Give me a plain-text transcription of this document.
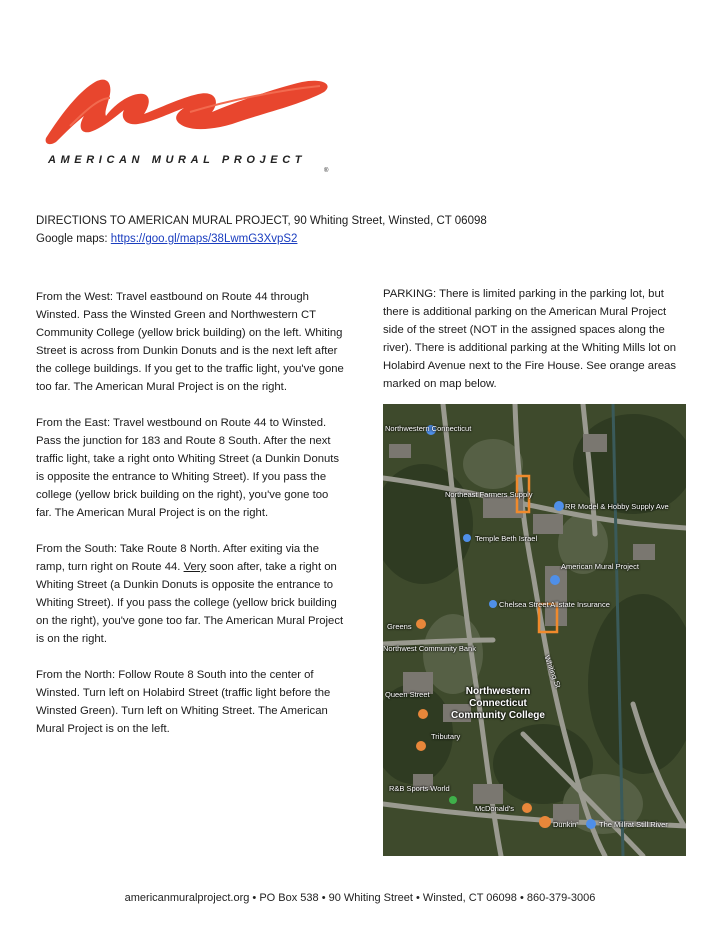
AMERICAN MURAL PROJECT
®
DIRECTIONS TO AMERICAN MURAL PROJECT, 90 Whiting Street, Winsted, CT 06098
Google maps: https://goo.gl/maps/38LwmG3XvpS2

From the West: Travel eastbound on Route 44 through Winsted. Pass the Winsted Green and Northwestern CT Community College (yellow brick building) on the left. Whiting Street is across from Dunkin Donuts and is the next left after the college buildings. If you get to the traffic light, you've gone too far. The American Mural Project is on the right.

From the East: Travel westbound on Route 44 to Winsted. Pass the junction for 183 and Route 8 South. After the next traffic light, take a right onto Whiting Street (a Dunkin Donuts is opposite the entrance to Whiting Street). If you pass the college (yellow brick building on the right), you've gone too far. The American Mural Project is on the right.

From the South: Take Route 8 North. After exiting via the ramp, turn right on Route 44. Very soon after, take a right on Whiting Street (a Dunkin Donuts is opposite the entrance to Whiting Street). If you pass the college (yellow brick building on the right), you've gone too far. The American Mural Project is on the right.

From the North: Follow Route 8 South into the center of Winsted. Turn left on Holabird Street (traffic light before the Winsted Green). Turn left on Whiting Street. The American Mural Project is on the left.

PARKING: There is limited parking in the parking lot, but there is additional parking on the American Mural Project side of the street (NOT in the assigned spaces along the river). There is additional parking at the Whiting Mills lot on Holabird Avenue next to the Fire House. See orange areas marked on map below.
Northwestern Connecticut
Northeast Farmers Supply
RR Model & Hobby Supply Ave
Temple Beth Israel
American Mural Project
Chelsea Street Allstate Insurance
Greens
Northwest Community Bank
Queen Street	Northwestern Connecticut Community College
Tributary
R&B Sports World
McDonald's
Dunkin'	The Millrat Still River
Whiting St
americanmuralproject.org • PO Box 538 • 90 Whiting Street • Winsted, CT 06098 • 860-379-3006
